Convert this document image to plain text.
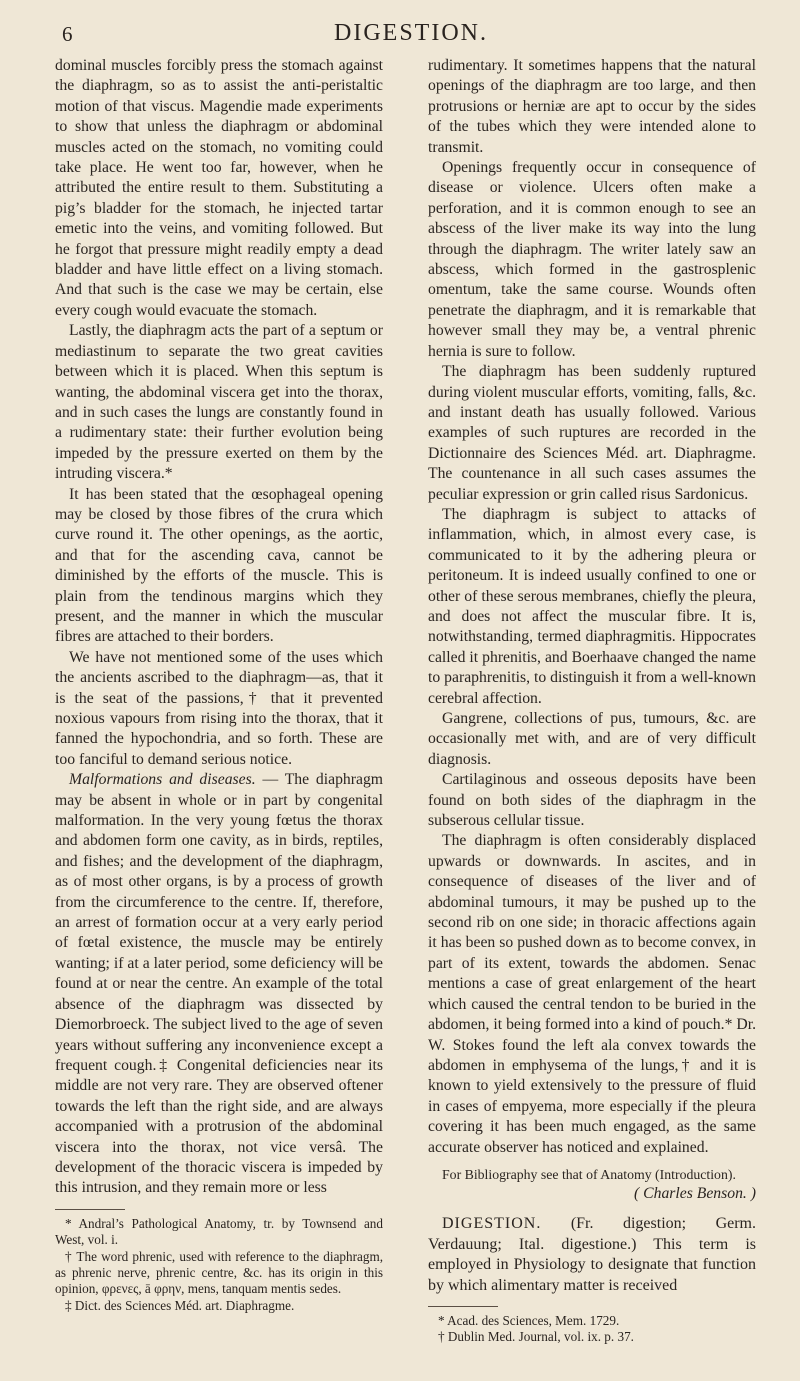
6	DIGESTION.

dominal muscles forcibly press the stomach against the diaphragm, so as to assist the anti-peristaltic motion of that viscus. Magendie made experiments to show that unless the diaphragm or abdominal muscles acted on the stomach, no vomiting could take place. He went too far, however, when he attributed the entire result to them. Substituting a pig’s bladder for the stomach, he injected tartar emetic into the veins, and vomiting followed. But he forgot that pressure might readily empty a dead bladder and have little effect on a living stomach. And that such is the case we may be certain, else every cough would evacuate the stomach.

Lastly, the diaphragm acts the part of a septum or mediastinum to separate the two great cavities between which it is placed. When this septum is wanting, the abdominal viscera get into the thorax, and in such cases the lungs are constantly found in a rudimentary state: their further evolution being impeded by the pressure exerted on them by the intruding viscera.*

It has been stated that the œsophageal opening may be closed by those fibres of the crura which curve round it. The other openings, as the aortic, and that for the ascending cava, cannot be diminished by the efforts of the muscle. This is plain from the tendinous margins which they present, and the manner in which the muscular fibres are attached to their borders.

We have not mentioned some of the uses which the ancients ascribed to the diaphragm—as, that it is the seat of the passions,† that it prevented noxious vapours from rising into the thorax, that it fanned the hypochondria, and so forth. These are too fanciful to demand serious notice.

Malformations and diseases. — The diaphragm may be absent in whole or in part by congenital malformation. In the very young fœtus the thorax and abdomen form one cavity, as in birds, reptiles, and fishes; and the development of the diaphragm, as of most other organs, is by a process of growth from the circumference to the centre. If, therefore, an arrest of formation occur at a very early period of fœtal existence, the muscle may be entirely wanting; if at a later period, some deficiency will be found at or near the centre. An example of the total absence of the diaphragm was dissected by Diemorbroeck. The subject lived to the age of seven years without suffering any inconvenience except a frequent cough.‡ Congenital deficiencies near its middle are not very rare. They are observed oftener towards the left than the right side, and are always accompanied with a protrusion of the abdominal viscera into the thorax, not vice versâ. The development of the thoracic viscera is impeded by this intrusion, and they remain more or less

* Andral’s Pathological Anatomy, tr. by Townsend and West, vol. i.

† The word phrenic, used with reference to the diaphragm, as phrenic nerve, phrenic centre, &c. has its origin in this opinion, φρενες, ā φρην, mens, tanquam mentis sedes.

‡ Dict. des Sciences Méd. art. Diaphragme.

rudimentary. It sometimes happens that the natural openings of the diaphragm are too large, and then protrusions or herniæ are apt to occur by the sides of the tubes which they were intended alone to transmit.

Openings frequently occur in consequence of disease or violence. Ulcers often make a perforation, and it is common enough to see an abscess of the liver make its way into the lung through the diaphragm. The writer lately saw an abscess, which formed in the gastrosplenic omentum, take the same course. Wounds often penetrate the diaphragm, and it is remarkable that however small they may be, a ventral phrenic hernia is sure to follow.

The diaphragm has been suddenly ruptured during violent muscular efforts, vomiting, falls, &c. and instant death has usually followed. Various examples of such ruptures are recorded in the Dictionnaire des Sciences Méd. art. Diaphragme. The countenance in all such cases assumes the peculiar expression or grin called risus Sardonicus.

The diaphragm is subject to attacks of inflammation, which, in almost every case, is communicated to it by the adhering pleura or peritoneum. It is indeed usually confined to one or other of these serous membranes, chiefly the pleura, and does not affect the muscular fibre. It is, notwithstanding, termed diaphragmitis. Hippocrates called it phrenitis, and Boerhaave changed the name to paraphrenitis, to distinguish it from a well-known cerebral affection.

Gangrene, collections of pus, tumours, &c. are occasionally met with, and are of very difficult diagnosis.

Cartilaginous and osseous deposits have been found on both sides of the diaphragm in the subserous cellular tissue.

The diaphragm is often considerably displaced upwards or downwards. In ascites, and in consequence of diseases of the liver and of abdominal tumours, it may be pushed up to the second rib on one side; in thoracic affections again it has been so pushed down as to become convex, in part of its extent, towards the abdomen. Senac mentions a case of great enlargement of the heart which caused the central tendon to be buried in the abdomen, it being formed into a kind of pouch.* Dr. W. Stokes found the left ala convex towards the abdomen in emphysema of the lungs,† and it is known to yield extensively to the pressure of fluid in cases of empyema, more especially if the pleura covering it has been much engaged, as the same accurate observer has noticed and explained.

For Bibliography see that of Anatomy (Introduction).

( Charles Benson. )

DIGESTION. (Fr. digestion; Germ. Verdauung; Ital. digestione.) This term is employed in Physiology to designate that function by which alimentary matter is received

* Acad. des Sciences, Mem. 1729.

† Dublin Med. Journal, vol. ix. p. 37.
